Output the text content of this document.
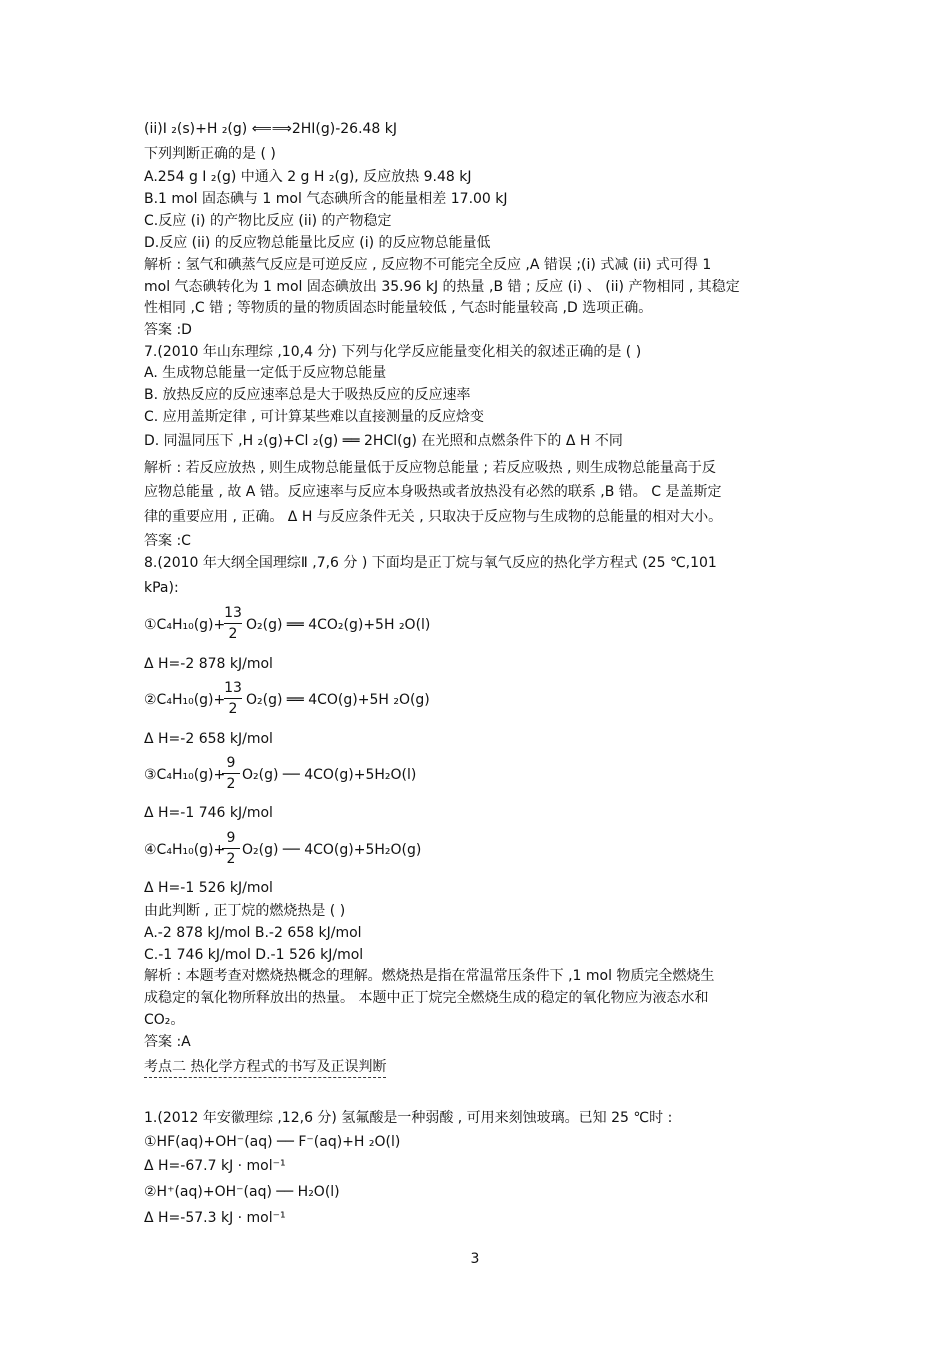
(ii)I ₂(s)+H ₂(g) ⟸⟹2HI(g)-26.48 kJ
下列判断正确的是 ( )
A.254 g I ₂(g) 中通入 2 g H ₂(g), 反应放热 9.48 kJ
B.1 mol 固态碘与 1 mol 气态碘所含的能量相差 17.00 kJ
C.反应 (i) 的产物比反应 (ii) 的产物稳定
D.反应 (ii) 的反应物总能量比反应 (i) 的反应物总能量低
解析 : 氢气和碘蒸气反应是可逆反应 , 反应物不可能完全反应 ,A 错误 ;(i) 式减 (ii) 式可得 1
mol 气态碘转化为 1 mol 固态碘放出 35.96 kJ 的热量 ,B 错 ; 反应 (i) 、 (ii) 产物相同 , 其稳定
性相同 ,C 错 ; 等物质的量的物质固态时能量较低 , 气态时能量较高 ,D 选项正确。
答案 :D
7.(2010 年山东理综 ,10,4 分) 下列与化学反应能量变化相关的叙述正确的是 ( )
A. 生成物总能量一定低于反应物总能量
B. 放热反应的反应速率总是大于吸热反应的反应速率
C. 应用盖斯定律 , 可计算某些难以直接测量的反应焓变
D. 同温同压下 ,H ₂(g)+Cl ₂(g) ══ 2HCl(g) 在光照和点燃条件下的 Δ H 不同
解析 : 若反应放热 , 则生成物总能量低于反应物总能量 ; 若反应吸热 , 则生成物总能量高于反
应物总能量 , 故 A 错。反应速率与反应本身吸热或者放热没有必然的联系 ,B 错。 C 是盖斯定
律的重要应用 , 正确。 Δ H 与反应条件无关 , 只取决于反应物与生成物的总能量的相对大小。
答案 :C
8.(2010 年大纲全国理综Ⅱ ,7,6 分 ) 下面均是正丁烷与氧气反应的热化学方程式 (25 ℃,101
kPa):
①C₄H₁₀(g)+
13
2
O₂(g) ══ 4CO₂(g)+5H ₂O(l)
Δ H=-2 878 kJ/mol
②C₄H₁₀(g)+
13
2
O₂(g) ══ 4CO(g)+5H ₂O(g)
Δ H=-2 658 kJ/mol
③C₄H₁₀(g)+
9
2
O₂(g) ── 4CO(g)+5H₂O(l)
Δ H=-1 746 kJ/mol
④C₄H₁₀(g)+
9
2
O₂(g) ── 4CO(g)+5H₂O(g)
Δ H=-1 526 kJ/mol
由此判断 , 正丁烷的燃烧热是 ( )
A.-2 878 kJ/mol B.-2 658 kJ/mol
C.-1 746 kJ/mol D.-1 526 kJ/mol
解析 : 本题考查对燃烧热概念的理解。燃烧热是指在常温常压条件下 ,1 mol 物质完全燃烧生
成稳定的氧化物所释放出的热量。 本题中正丁烷完全燃烧生成的稳定的氧化物应为液态水和
CO₂。
答案 :A
考点二 热化学方程式的书写及正误判断
1.(2012 年安徽理综 ,12,6 分) 氢氟酸是一种弱酸 , 可用来刻蚀玻璃。已知 25 ℃时 :
①HF(aq)+OH⁻(aq) ── F⁻(aq)+H ₂O(l)
Δ H=-67.7 kJ · mol⁻¹
②H⁺(aq)+OH⁻(aq) ── H₂O(l)
Δ H=-57.3 kJ · mol⁻¹
3
